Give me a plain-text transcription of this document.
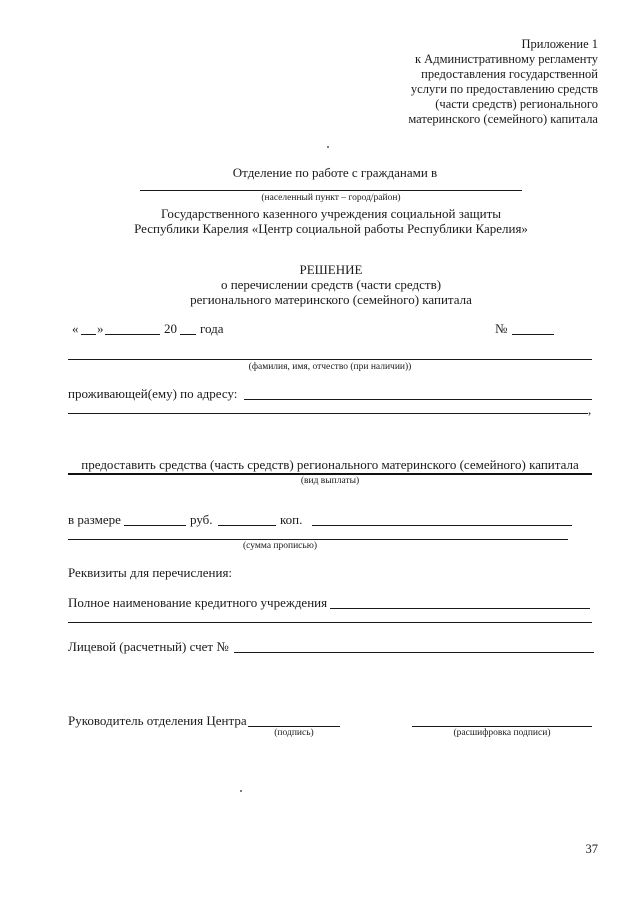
Приложение 1
к Административному регламенту
предоставления государственной
услуги по предоставлению средств
(части средств) регионального
материнского (семейного) капитала
Отделение по работе с гражданами в
(населенный пункт – город/район)
Государственного казенного учреждения социальной защиты
Республики Карелия «Центр социальной работы Республики Карелия»
РЕШЕНИЕ
о перечислении средств (части средств)
регионального материнского (семейного) капитала
« »	20 года	№
(фамилия, имя, отчество (при наличии))
проживающей(ему) по адресу:
,
предоставить средства (часть средств) регионального материнского (семейного) капитала
(вид выплаты)
в размере	руб.	коп.
(сумма прописью)
Реквизиты для перечисления:
Полное наименование кредитного учреждения
Лицевой (расчетный) счет №
Руководитель отделения Центра
(подпись)	(расшифровка подписи)
37
